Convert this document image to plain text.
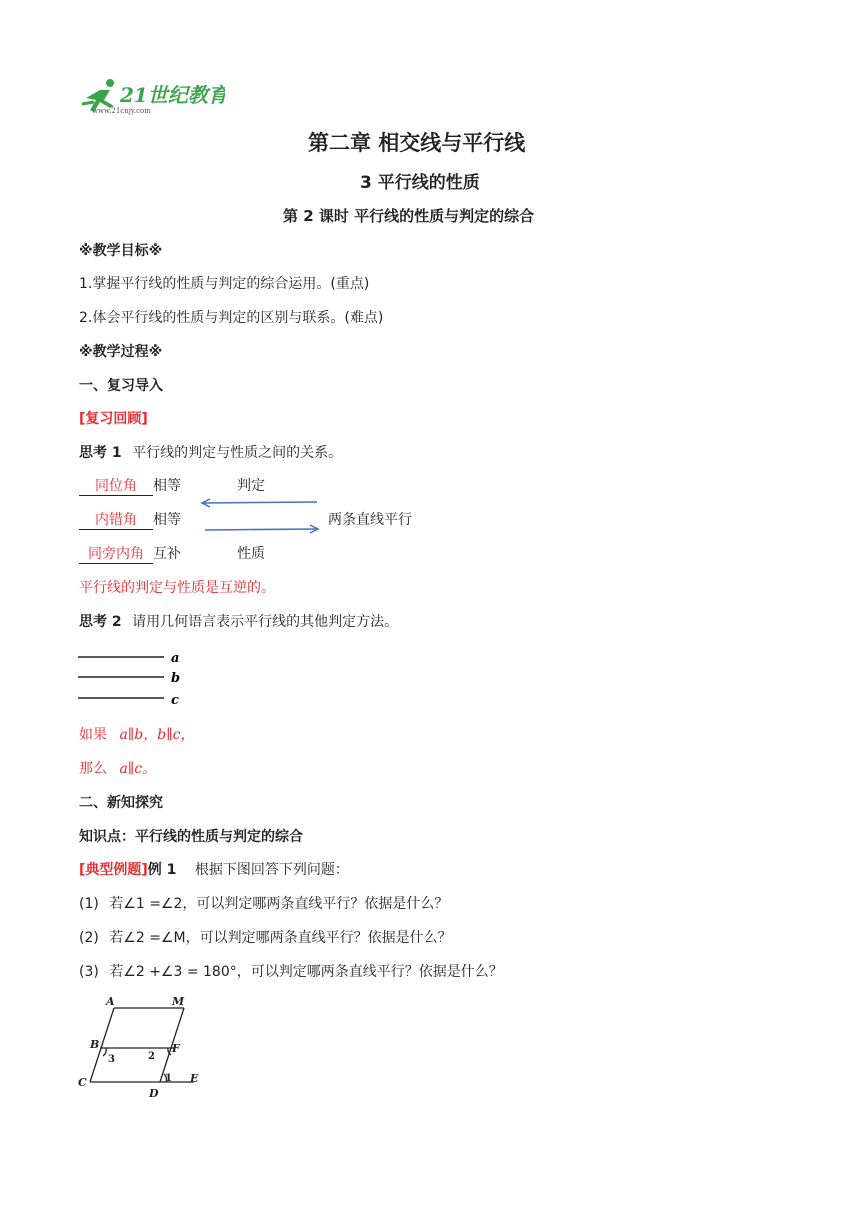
21世纪教育
www.21cnjy.com
第二章 相交线与平行线
3 平行线的性质
第 2 课时 平行线的性质与判定的综合
※教学目标※
1.掌握平行线的性质与判定的综合运用。(重点)
2.体会平行线的性质与判定的区别与联系。(难点)
※教学过程※
一、复习导入
[复习回顾]
思考 1 平行线的判定与性质之间的关系。
同位角 相等
内错角 相等
同旁内角 互补
判定
两条直线平行
性质
平行线的判定与性质是互逆的。
思考 2 请用几何语言表示平行线的其他判定方法。
a
b
c
如果 a∥b，b∥c，
那么 a∥c。
二、新知探究
知识点：平行线的性质与判定的综合
[典型例题]例 1 根据下图回答下列问题：
(1) 若∠1 =∠2，可以判定哪两条直线平行？依据是什么？
(2) 若∠2 =∠M，可以判定哪两条直线平行？依据是什么？
(3) 若∠2 +∠3 = 180°，可以判定哪两条直线平行？依据是什么？
A	M
B	F
C
D
E
3	2
1
